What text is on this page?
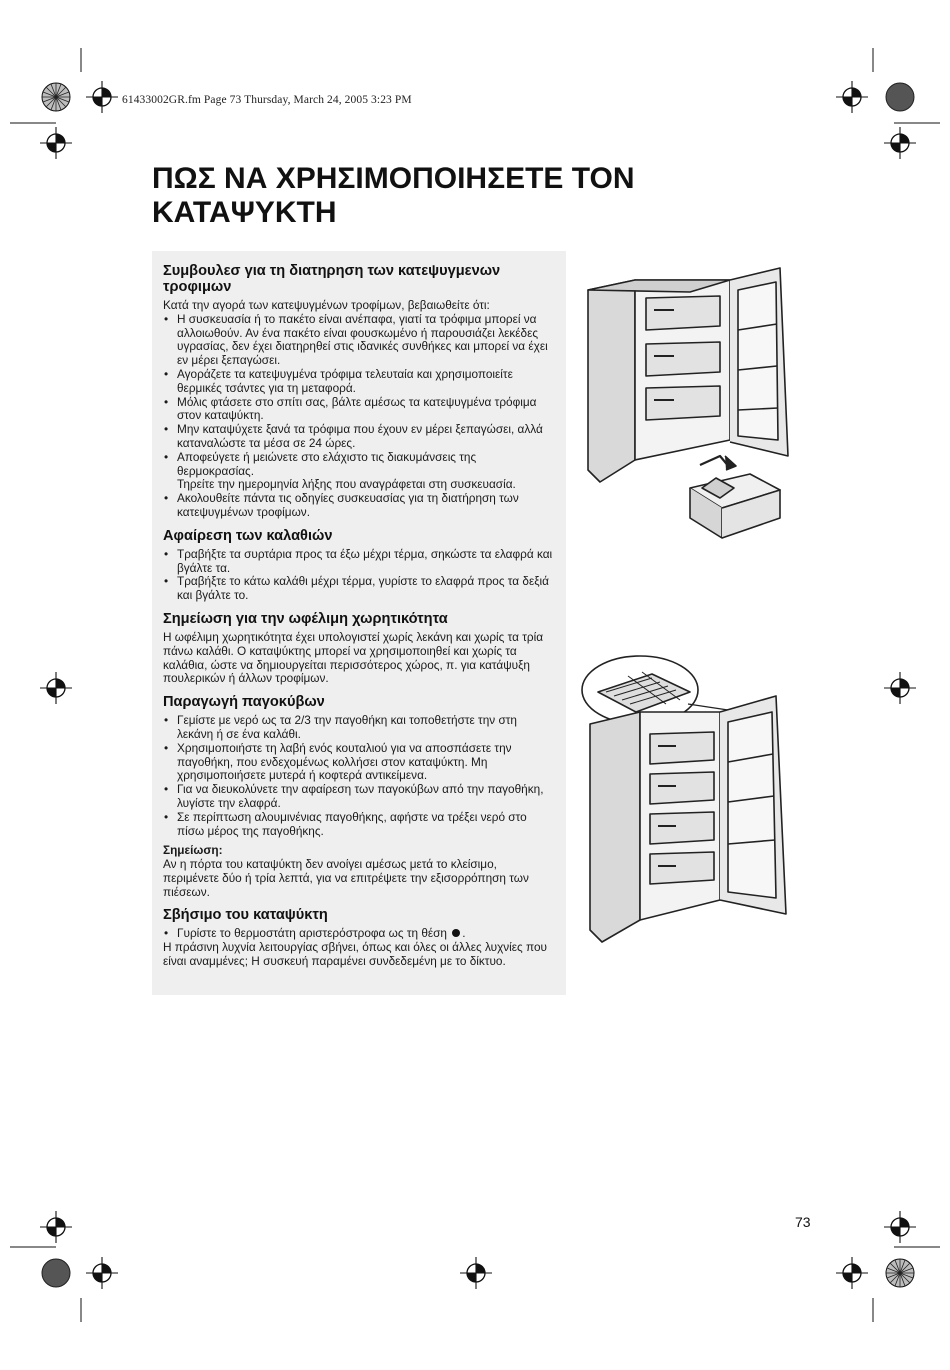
61433002GR.fm Page 73 Thursday, March 24, 2005 3:23 PM
ΠΩΣ ΝΑ ΧΡΗΣΙΜΟΠΟΙΗΣΕΤΕ ΤΟΝ ΚΑΤΑΨΥΚΤΗ
Συμβουλεσ για τη διατηρηση των κατεψυγμενων τροφιμων

Κατά την αγορά των κατεψυγμένων τροφίμων, βεβαιωθείτε ότι:

• Η συσκευασία ή το πακέτο είναι ανέπαφα, γιατί τα τρόφιμα μπορεί να αλλοιωθούν. Αν ένα πακέτο είναι φουσκωμένο ή παρουσιάζει λεκέδες υγρασίας, δεν έχει διατηρηθεί στις ιδανικές συνθήκες και μπορεί να έχει εν μέρει ξεπαγώσει.
• Αγοράζετε τα κατεψυγμένα τρόφιμα τελευταία και χρησιμοποιείτε θερμικές τσάντες για τη μεταφορά.
• Μόλις φτάσετε στο σπίτι σας, βάλτε αμέσως τα κατεψυγμένα τρόφιμα στον καταψύκτη.
• Μην καταψύχετε ξανά τα τρόφιμα που έχουν εν μέρει ξεπαγώσει, αλλά καταναλώστε τα μέσα σε 24 ώρες.
• Αποφεύγετε ή μειώνετε στο ελάχιστο τις διακυμάνσεις της θερμοκρασίας.

Τηρείτε την ημερομηνία λήξης που αναγράφεται στη συσκευασία.

• Ακολουθείτε πάντα τις οδηγίες συσκευασίας για τη διατήρηση των κατεψυγμένων τροφίμων.
Αφαίρεση των καλαθιών
• Τραβήξτε τα συρτάρια προς τα έξω μέχρι τέρμα, σηκώστε τα ελαφρά και βγάλτε τα.
• Τραβήξτε το κάτω καλάθι μέχρι τέρμα, γυρίστε το ελαφρά προς τα δεξιά και βγάλτε το.
Σημείωση για την ωφέλιμη χωρητικότητα

Η ωφέλιμη χωρητικότητα έχει υπολογιστεί χωρίς λεκάνη και χωρίς τα τρία πάνω καλάθι. Ο καταψύκτης μπορεί να χρησιμοποιηθεί και χωρίς τα καλάθια, ώστε να δημιουργείται περισσότερος χώρος, π. για κατάψυξη πουλερικών ή άλλων τροφίμων.

Παραγωγή παγοκύβων
• Γεμίστε με νερό ως τα 2/3 την παγοθήκη και τοποθετήστε την στη λεκάνη ή σε ένα καλάθι.
• Χρησιμοποιήστε τη λαβή ενός κουταλιού για να αποσπάσετε την παγοθήκη, που ενδεχομένως κολλήσει στον καταψύκτη. Μη χρησιμοποιήσετε μυτερά ή κοφτερά αντικείμενα.
• Για να διευκολύνετε την αφαίρεση των παγοκύβων από την παγοθήκη, λυγίστε την ελαφρά.
• Σε περίπτωση αλουμινένιας παγοθήκης, αφήστε να τρέξει νερό στο πίσω μέρος της παγοθήκης.

Σημείωση:

Αν η πόρτα του καταψύκτη δεν ανοίγει αμέσως μετά το κλείσιμο, περιμένετε δύο ή τρία λεπτά, για να επιτρέψετε την εξισορρόπηση των πιέσεων.

Σβήσιμο του καταψύκτη
• Γυρίστε το θερμοστάτη αριστερόστροφα ως τη θέση .

Η πράσινη λυχνία λειτουργίας σβήνει, όπως και όλες οι άλλες λυχνίες που είναι αναμμένες; Η συσκευή παραμένει συνδεδεμένη με το δίκτυο.

73
